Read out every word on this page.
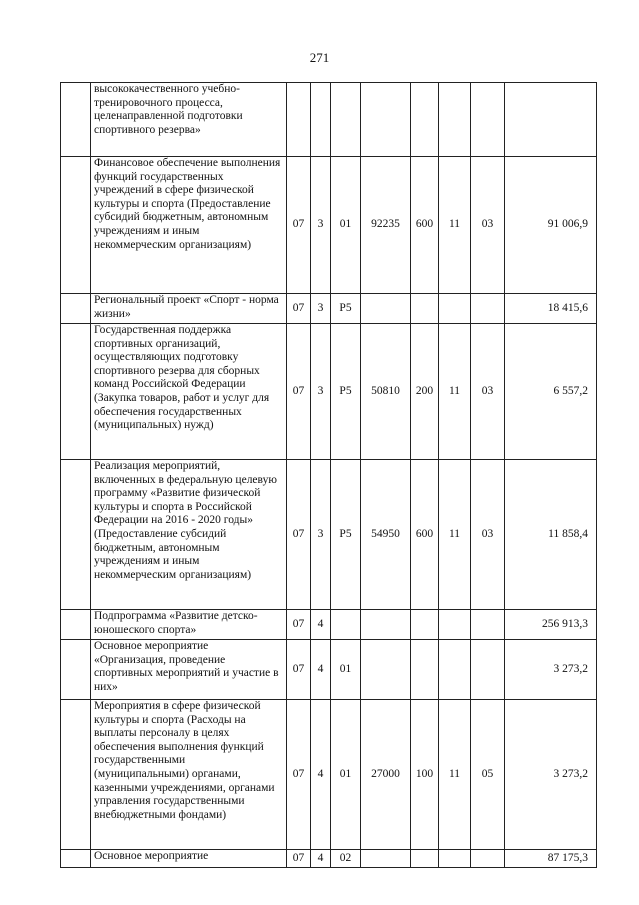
271
	высококачественного учебно-тренировочного процесса, целенаправленной подготовки спортивного резерва»								
	Финансовое обеспечение выполнения функций государственных учреждений в сфере физической культуры и спорта (Предоставление субсидий бюджетным, автономным учреждениям и иным некоммерческим организациям)	07	3	01	92235	600	11	03	91 006,9
	Региональный проект «Спорт - норма жизни»	07	3	P5					18 415,6
	Государственная поддержка спортивных организаций, осуществляющих подготовку спортивного резерва для сборных команд Российской Федерации (Закупка товаров, работ и услуг для обеспечения государственных (муниципальных) нужд)	07	3	P5	50810	200	11	03	6 557,2
	Реализация мероприятий, включенных в федеральную целевую программу «Развитие физической культуры и спорта в Российской Федерации на 2016 - 2020 годы» (Предоставление субсидий бюджетным, автономным учреждениям и иным некоммерческим организациям)	07	3	P5	54950	600	11	03	11 858,4
	Подпрограмма «Развитие детско-юношеского спорта»	07	4						256 913,3
	Основное мероприятие «Организация, проведение спортивных мероприятий и участие в них»	07	4	01					3 273,2
	Мероприятия в сфере физической культуры и спорта (Расходы на выплаты персоналу в целях обеспечения выполнения функций государственными (муниципальными) органами, казенными учреждениями, органами управления государственными внебюджетными фондами)	07	4	01	27000	100	11	05	3 273,2
	Основное мероприятие	07	4	02					87 175,3
